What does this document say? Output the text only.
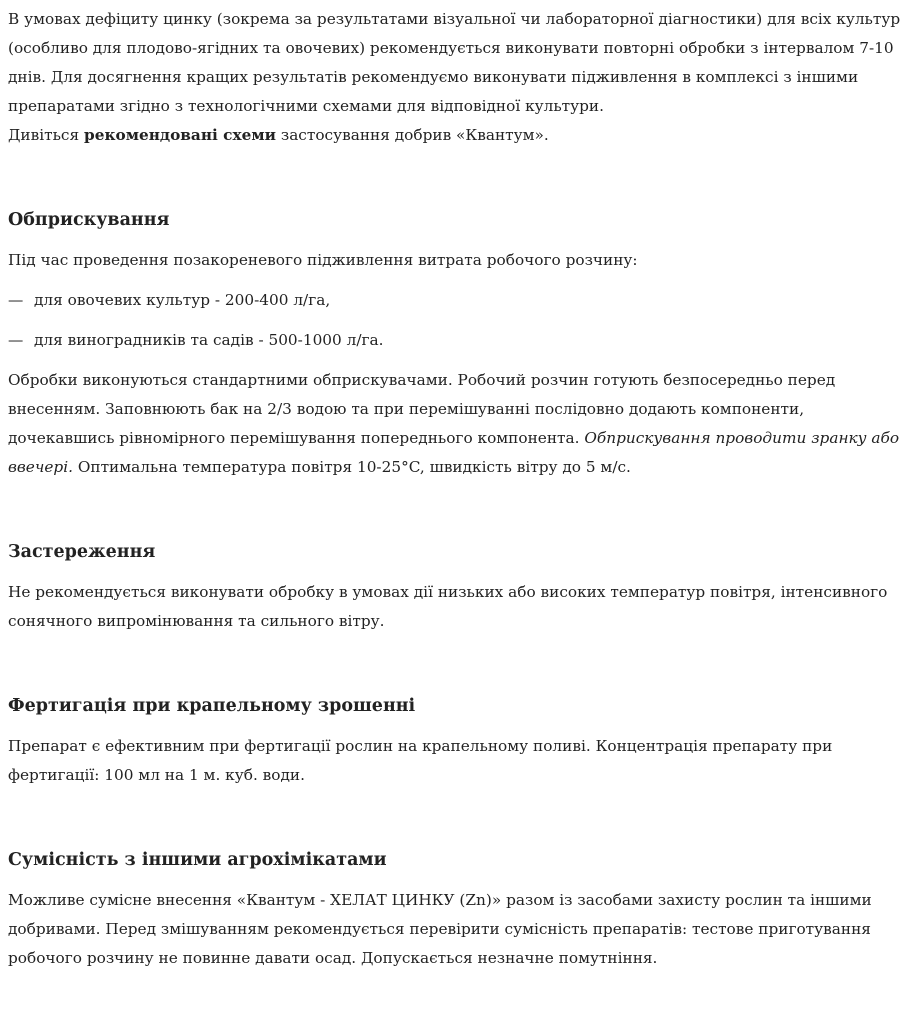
В умовах дефіциту цинку (зокрема за результатами візуальної чи лабораторної діагностики) для всіх культур (особливо для плодово-ягідних та овочевих) рекомендується виконувати повторні обробки з інтервалом 7-10 днів. Для досягнення кращих результатів рекомендуємо виконувати підживлення в комплексі з іншими препаратами згідно з технологічними схемами для відповідної культури.
Дивіться рекомендовані схеми застосування добрив «Квантум».

Обприскування

Під час проведення позакореневого підживлення витрата робочого розчину:

— для овочевих культур - 200-400 л/га,
— для виноградників та садів - 500-1000 л/га.

Обробки виконуються стандартними обприскувачами. Робочий розчин готують безпосередньо перед внесенням. Заповнюють бак на 2/3 водою та при перемішуванні послідовно додають компоненти, дочекавшись рівномірного перемішування попереднього компонента. Обприскування проводити зранку або ввечері. Оптимальна температура повітря 10-25°C, швидкість вітру до 5 м/с.

Застереження

Не рекомендується виконувати обробку в умовах дії низьких або високих температур повітря, інтенсивного сонячного випромінювання та сильного вітру.

Фертигація при крапельному зрошенні

Препарат є ефективним при фертигації рослин на крапельному поливі. Концентрація препарату при фертигації: 100 мл на 1 м. куб. води.

Сумісність з іншими агрохімікатами

Можливе сумісне внесення «Квантум - ХЕЛАТ ЦИНКУ (Zn)» разом із засобами захисту рослин та іншими добривами. Перед змішуванням рекомендується перевірити сумісність препаратів: тестове приготування робочого розчину не повинне давати осад. Допускається незначне помутніння.
